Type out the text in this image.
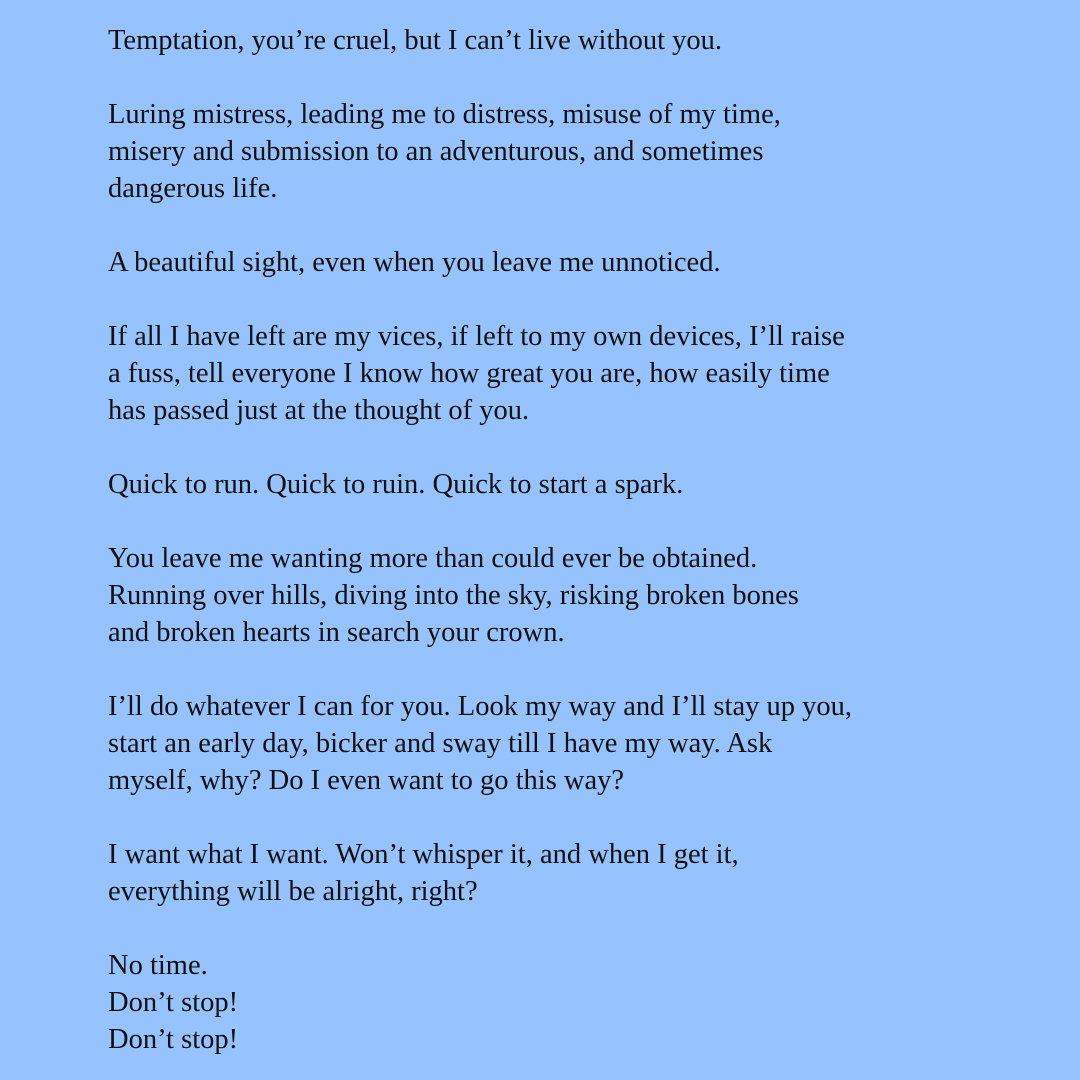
Temptation, you’re cruel, but I can’t live without you.

Luring mistress, leading me to distress, misuse of my time,
misery and submission to an adventurous, and sometimes
dangerous life.

A beautiful sight, even when you leave me unnoticed.

If all I have left are my vices, if left to my own devices, I’ll raise
a fuss, tell everyone I know how great you are, how easily time
has passed just at the thought of you.

Quick to run. Quick to ruin. Quick to start a spark.

You leave me wanting more than could ever be obtained.
Running over hills, diving into the sky, risking broken bones
and broken hearts in search your crown.

I’ll do whatever I can for you. Look my way and I’ll stay up you,
start an early day, bicker and sway till I have my way. Ask
myself, why? Do I even want to go this way?

I want what I want. Won’t whisper it, and when I get it,
everything will be alright, right?

No time.
Don’t stop!
Don’t stop!
